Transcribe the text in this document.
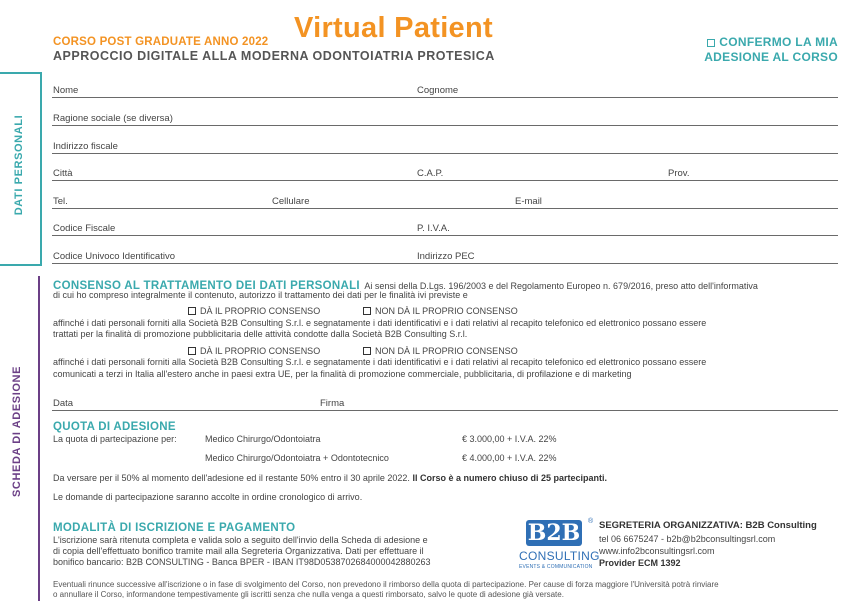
CORSO POST GRADUATE ANNO 2022 Virtual Patient
APPROCCIO DIGITALE ALLA MODERNA ODONTOIATRIA PROTESICA
CONFERMO LA MIA
ADESIONE AL CORSO
DATI PERSONALI
SCHEDA DI ADESIONE
Nome	Cognome
Ragione sociale (se diversa)
Indirizzo fiscale
Città	C.A.P.	Prov.
Tel.	Cellulare	E-mail
Codice Fiscale	P. I.V.A.
Codice Univoco Identificativo	Indirizzo PEC
CONSENSO AL TRATTAMENTO DEI DATI PERSONALI Ai sensi della D.Lgs. 196/2003 e del Regolamento Europeo n. 679/2016, preso atto dell'informativa
di cui ho compreso integralmente il contenuto, autorizzo il trattamento dei dati per le finalità ivi previste e
DÀ IL PROPRIO CONSENSO	NON DÀ IL PROPRIO CONSENSO
affinché i dati personali forniti alla Società B2B Consulting S.r.l. e segnatamente i dati identificativi e i dati relativi al recapito telefonico ed elettronico possano essere
trattati per la finalità di promozione pubblicitaria delle attività condotte dalla Società B2B Consulting S.r.l.
DÀ IL PROPRIO CONSENSO	NON DÀ IL PROPRIO CONSENSO
affinché i dati personali forniti alla Società B2B Consulting S.r.l. e segnatamente i dati identificativi e i dati relativi al recapito telefonico ed elettronico possano essere
comunicati a terzi in Italia all'estero anche in paesi extra UE, per la finalità di promozione commerciale, pubblicitaria, di profilazione e di marketing
Data	Firma
QUOTA DI ADESIONE
La quota di partecipazione per:	Medico Chirurgo/Odontoiatra	€ 3.000,00 + I.V.A. 22%
Medico Chirurgo/Odontoiatra + Odontotecnico	€ 4.000,00 + I.V.A. 22%
Da versare per il 50% al momento dell'adesione ed il restante 50% entro il 30 aprile 2022. Il Corso è a numero chiuso di 25 partecipanti.
Le domande di partecipazione saranno accolte in ordine cronologico di arrivo.
MODALITÀ DI ISCRIZIONE E PAGAMENTO
L'iscrizione sarà ritenuta completa e valida solo a seguito dell'invio della Scheda di adesione e
di copia dell'effettuato bonifico tramite mail alla Segreteria Organizzativa. Dati per effettuare il
bonifico bancario: B2B CONSULTING - Banca BPER - IBAN IT98D0538702684000042880263
B2B
CONSULTING
EVENTS & COMMUNICATION
® SEGRETERIA ORGANIZZATIVA: B2B Consulting
tel 06 6675247 - b2b@b2bconsultingsrl.com
www.info2bconsultingsrl.com
Provider ECM 1392
Eventuali rinunce successive all'iscrizione o in fase di svolgimento del Corso, non prevedono il rimborso della quota di partecipazione. Per cause di forza maggiore l'Università potrà rinviare
o annullare il Corso, informandone tempestivamente gli iscritti senza che nulla venga a questi rimborsato, salvo le quote di adesione già versate.
